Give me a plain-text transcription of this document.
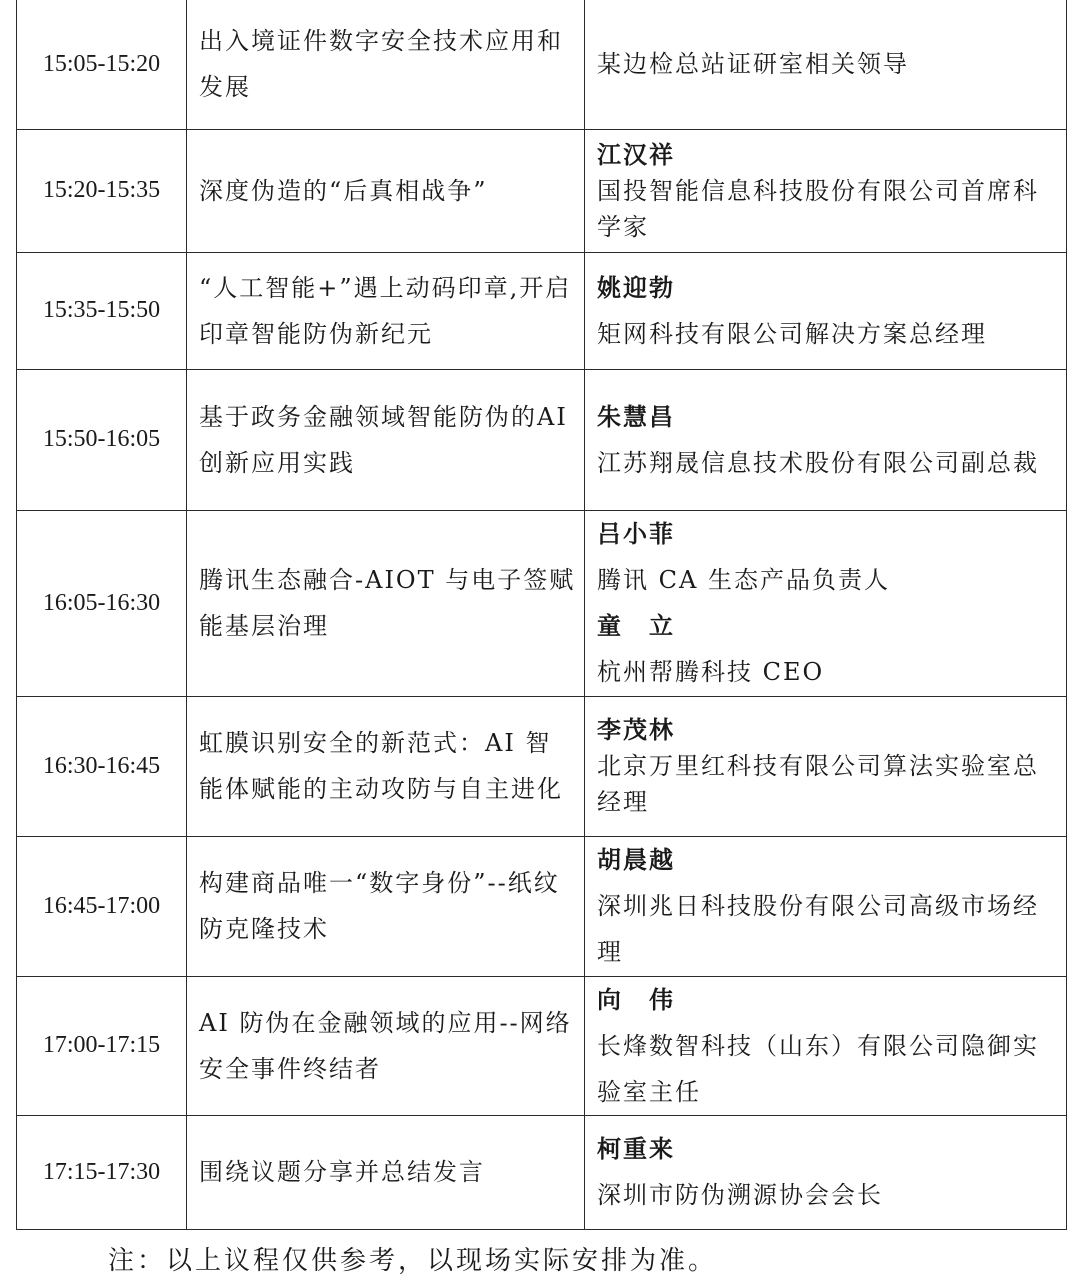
15:05-15:20	出入境证件数字安全技术应用和发展	某边检总站证研室相关领导

15:20-15:35	深度伪造的“后真相战争”	江汉祥
国投智能信息科技股份有限公司首席科学家

15:35-15:50	“人工智能+”遇上动码印章,开启印章智能防伪新纪元	姚迎勃
矩网科技有限公司解决方案总经理

15:50-16:05	基于政务金融领域智能防伪的AI 创新应用实践	朱慧昌
江苏翔晟信息技术股份有限公司副总裁

16:05-16:30	腾讯生态融合-AIOT 与电子签赋能基层治理	吕小菲
腾讯 CA 生态产品负责人
童　立
杭州帮腾科技 CEO

16:30-16:45	虹膜识别安全的新范式：AI 智能体赋能的主动攻防与自主进化	李茂林
北京万里红科技有限公司算法实验室总经理

16:45-17:00	构建商品唯一“数字身份”--纸纹防克隆技术	胡晨越
深圳兆日科技股份有限公司高级市场经理

17:00-17:15	AI 防伪在金融领域的应用--网络安全事件终结者	向　伟
长烽数智科技（山东）有限公司隐御实验室主任

17:15-17:30	围绕议题分享并总结发言	柯重来
深圳市防伪溯源协会会长
注：以上议程仅供参考，以现场实际安排为准。
